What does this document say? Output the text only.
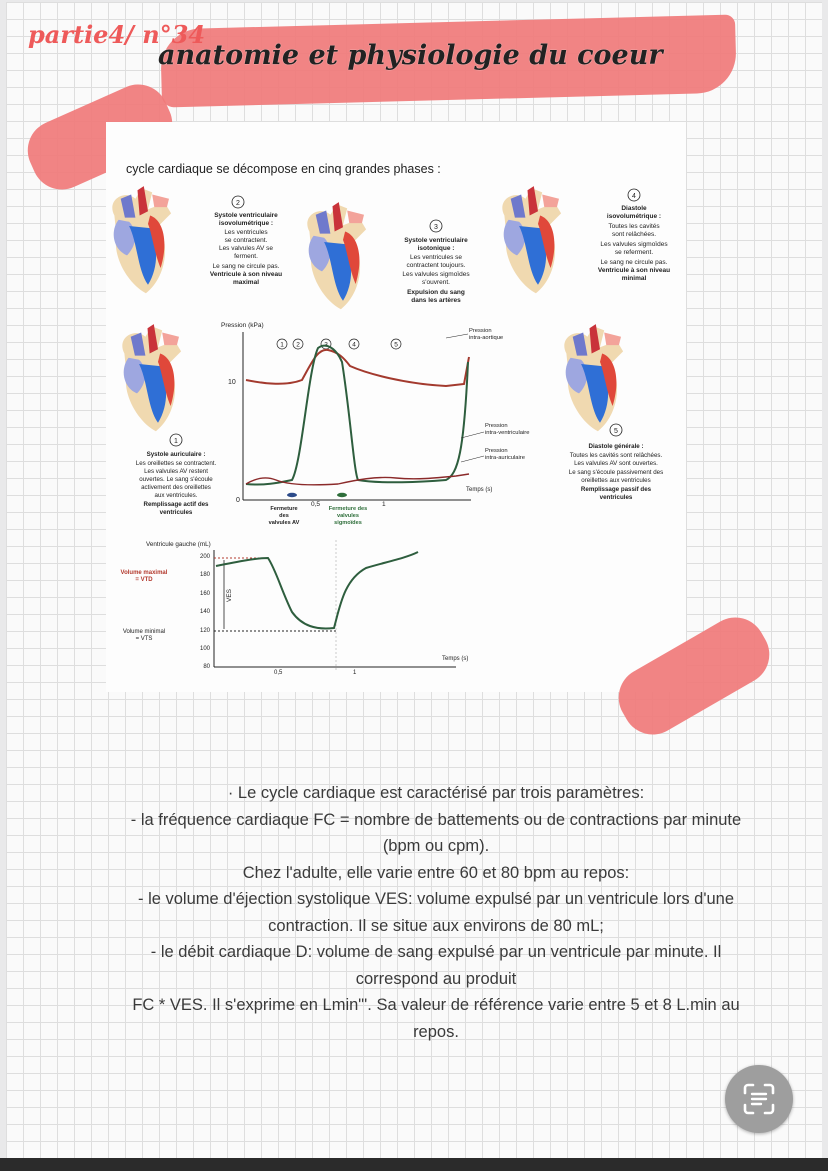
cycle cardiaque se décompose en cinq grandes phases :
2
Systole ventriculaire
isovolumétrique :
Les ventricules
se contractent.
Les valvules AV se
ferment.
Le sang ne circule pas.
Ventricule à son niveau
maximal
3
Systole ventriculaire
isotonique :
Les ventricules se
contractent toujours.
Les valvules sigmoïdes
s'ouvrent.
Expulsion du sang
dans les artères
4
Diastole
isovolumétrique :
Toutes les cavités
sont relâchées.
Les valvules sigmoïdes
se referment.
Le sang ne circule pas.
Ventricule à son niveau
minimal
1
Systole auriculaire :
Les oreillettes se contractent.
Les valvules AV restent
ouvertes. Le sang s'écoule
activement des oreillettes
aux ventricules.
Remplissage actif des
ventricules
5
Diastole générale :
Toutes les cavités sont relâchées.
Les valvules AV sont ouvertes.
Le sang s'écoule passivement des
oreillettes aux ventricules
Remplissage passif des
ventricules
Pression (kPa)
10
0
0,5	1
Temps (s)
1 2	3	4	5
Pression
intra-aortique
Pression
intra-ventriculaire
Pression
intra-auriculaire
Fermeture
des
valvules AV
Fermeture des
valvules
sigmoïdes
Ventricule gauche (mL)
200
180
160
140
120
100
80
Volume maximal
= VTD
Volume minimal
= VTS
VES
0,5	1
Temps (s)
partie4/ n°34
anatomie et physiologie du coeur
· Le cycle cardiaque est caractérisé par trois paramètres:
- la fréquence cardiaque FC = nombre de battements ou de contractions par minute
(bpm ou cpm).
Chez l'adulte, elle varie entre 60 et 80 bpm au repos:
- le volume d'éjection systolique VES: volume expulsé par un ventricule lors d'une
contraction. Il se situe aux environs de 80 mL;
- le débit cardiaque D: volume de sang expulsé par un ventricule par minute. Il
correspond au produit
FC * VES. Il s'exprime en Lmin"'. Sa valeur de référence varie entre 5 et 8 L.min au
repos.
